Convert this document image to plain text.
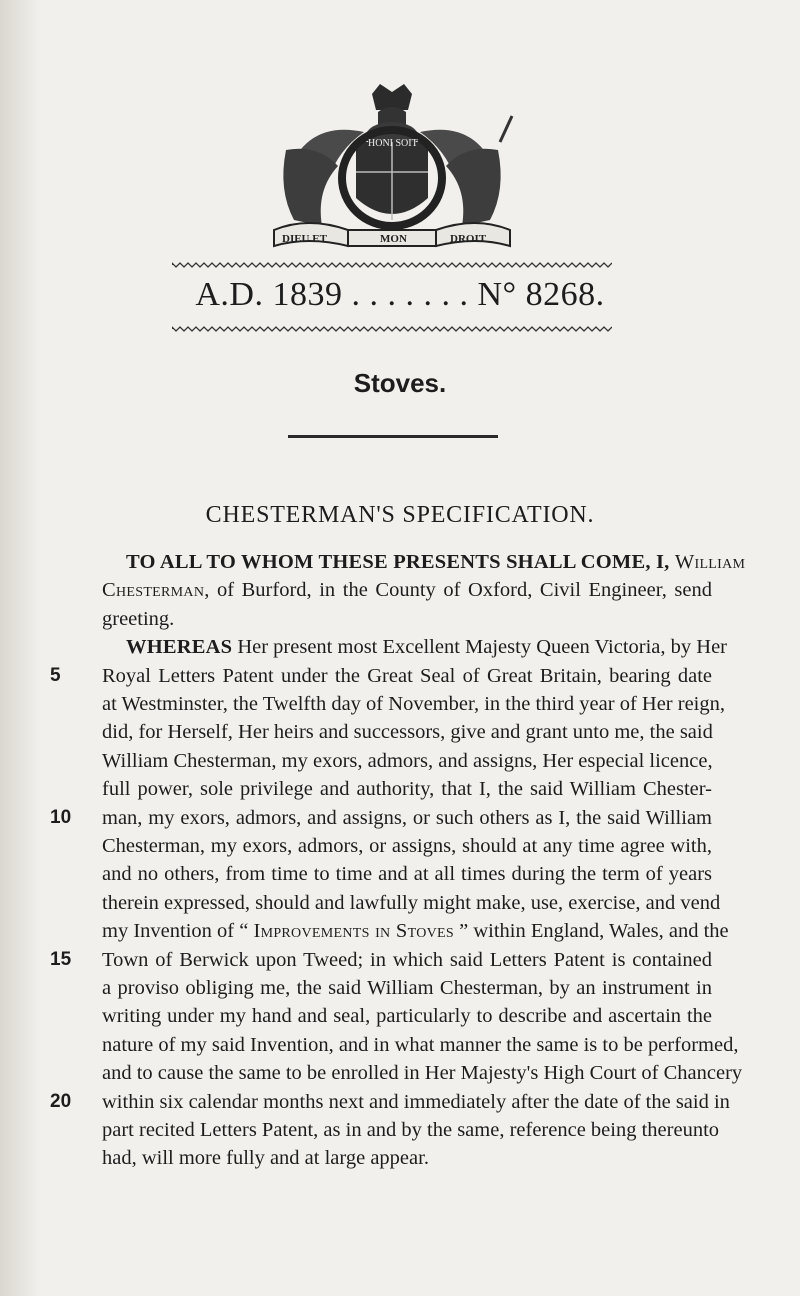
HONI SOIT
DIEU ET	MON	DROIT
A.D. 1839 . . . . . . . N° 8268.
Stoves.
CHESTERMAN'S SPECIFICATION.
TO ALL TO WHOM THESE PRESENTS SHALL COME, I, William
Chesterman, of Burford, in the County of Oxford, Civil Engineer, send
greeting.
WHEREAS Her present most Excellent Majesty Queen Victoria, by Her
5	Royal Letters Patent under the Great Seal of Great Britain, bearing date
at Westminster, the Twelfth day of November, in the third year of Her reign,
did, for Herself, Her heirs and successors, give and grant unto me, the said
William Chesterman, my exors, admors, and assigns, Her especial licence,
full power, sole privilege and authority, that I, the said William Chester-
10	man, my exors, admors, and assigns, or such others as I, the said William
Chesterman, my exors, admors, or assigns, should at any time agree with,
and no others, from time to time and at all times during the term of years
therein expressed, should and lawfully might make, use, exercise, and vend
my Invention of “ Improvements in Stoves ” within England, Wales, and the
15	Town of Berwick upon Tweed; in which said Letters Patent is contained
a proviso obliging me, the said William Chesterman, by an instrument in
writing under my hand and seal, particularly to describe and ascertain the
nature of my said Invention, and in what manner the same is to be performed,
and to cause the same to be enrolled in Her Majesty's High Court of Chancery
20	within six calendar months next and immediately after the date of the said in
part recited Letters Patent, as in and by the same, reference being thereunto
had, will more fully and at large appear.
